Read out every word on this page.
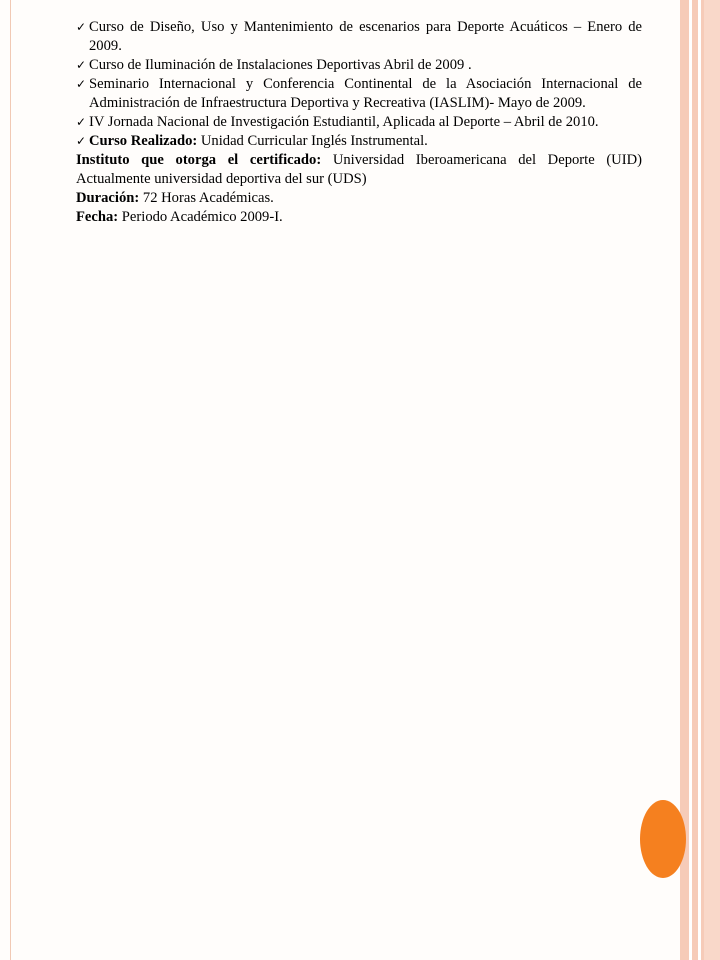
✓ Curso de Diseño, Uso y Mantenimiento de escenarios para Deporte Acuáticos – Enero de 2009.

✓ Curso de Iluminación de Instalaciones Deportivas Abril de 2009 .

✓ Seminario Internacional y Conferencia Continental de la Asociación Internacional de Administración de Infraestructura Deportiva y Recreativa (IASLIM)- Mayo de 2009.

✓ IV Jornada Nacional de Investigación Estudiantil, Aplicada al Deporte – Abril de 2010.

✓ Curso Realizado: Unidad Curricular Inglés Instrumental.

Instituto que otorga el certificado: Universidad Iberoamericana del Deporte (UID) Actualmente universidad deportiva del sur (UDS)

Duración: 72 Horas Académicas.

Fecha: Periodo Académico 2009-I.
